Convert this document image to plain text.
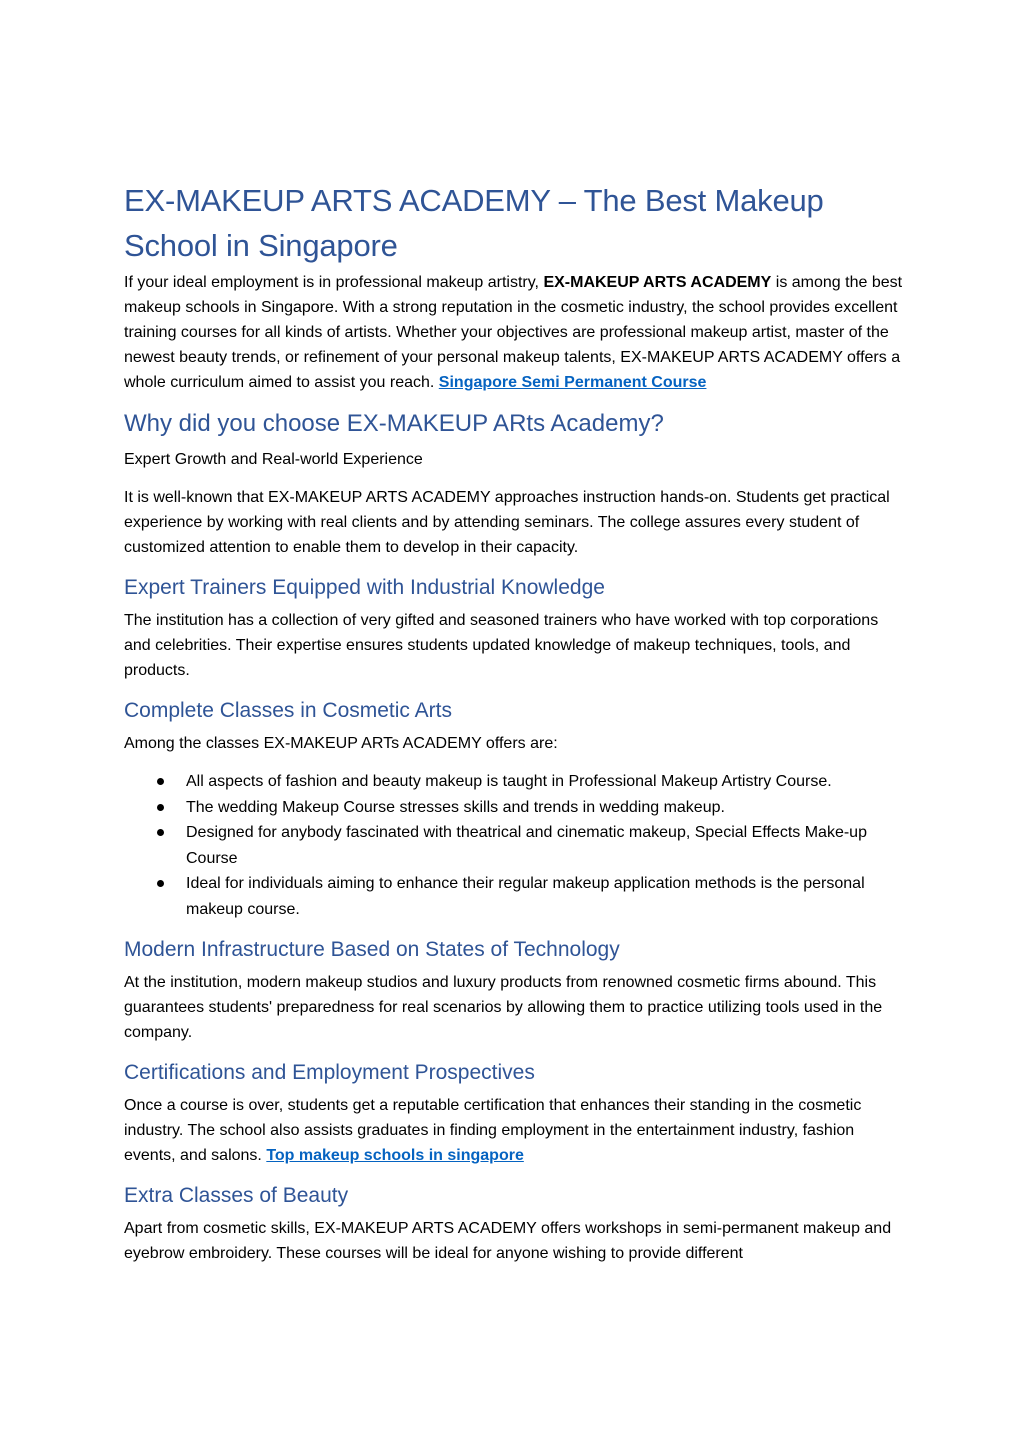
EX-MAKEUP ARTS ACADEMY – The Best Makeup School in Singapore

If your ideal employment is in professional makeup artistry, EX-MAKEUP ARTS ACADEMY is among the best makeup schools in Singapore. With a strong reputation in the cosmetic industry, the school provides excellent training courses for all kinds of artists. Whether your objectives are professional makeup artist, master of the newest beauty trends, or refinement of your personal makeup talents, EX-MAKEUP ARTS ACADEMY offers a whole curriculum aimed to assist you reach. Singapore Semi Permanent Course

Why did you choose EX-MAKEUP ARts Academy?

Expert Growth and Real-world Experience

It is well-known that EX-MAKEUP ARTS ACADEMY approaches instruction hands-on. Students get practical experience by working with real clients and by attending seminars. The college assures every student of customized attention to enable them to develop in their capacity.

Expert Trainers Equipped with Industrial Knowledge

The institution has a collection of very gifted and seasoned trainers who have worked with top corporations and celebrities. Their expertise ensures students updated knowledge of makeup techniques, tools, and products.

Complete Classes in Cosmetic Arts

Among the classes EX-MAKEUP ARTs ACADEMY offers are:

All aspects of fashion and beauty makeup is taught in Professional Makeup Artistry Course.
The wedding Makeup Course stresses skills and trends in wedding makeup.
Designed for anybody fascinated with theatrical and cinematic makeup, Special Effects Make-up Course
Ideal for individuals aiming to enhance their regular makeup application methods is the personal makeup course.
Modern Infrastructure Based on States of Technology

At the institution, modern makeup studios and luxury products from renowned cosmetic firms abound. This guarantees students' preparedness for real scenarios by allowing them to practice utilizing tools used in the company.

Certifications and Employment Prospectives

Once a course is over, students get a reputable certification that enhances their standing in the cosmetic industry. The school also assists graduates in finding employment in the entertainment industry, fashion events, and salons. Top makeup schools in singapore

Extra Classes of Beauty

Apart from cosmetic skills, EX-MAKEUP ARTS ACADEMY offers workshops in semi-permanent makeup and eyebrow embroidery. These courses will be ideal for anyone wishing to provide different
